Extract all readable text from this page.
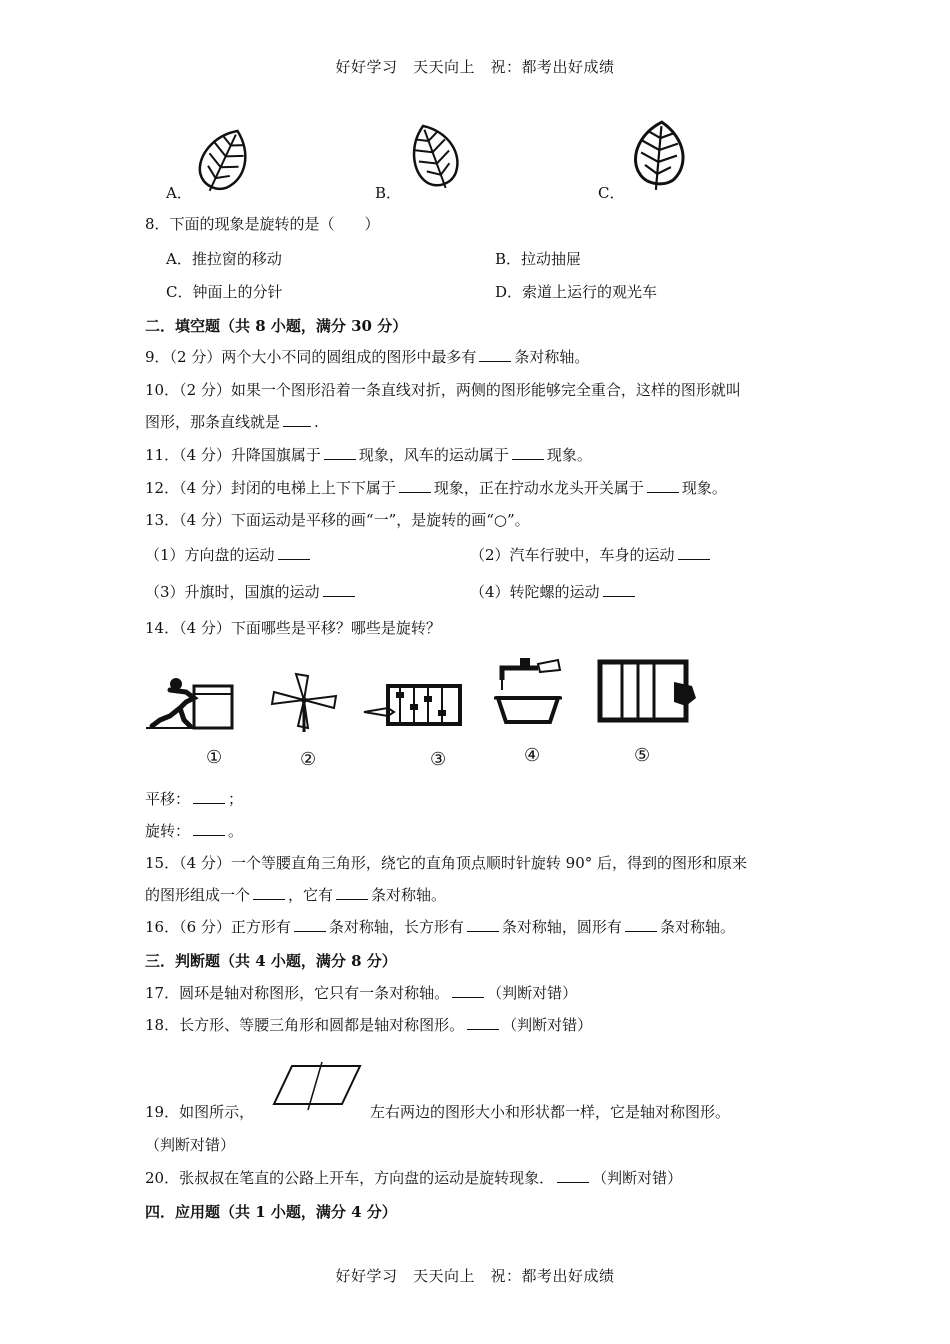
好好学习　天天向上　祝：都考出好成绩
A．	B．	C．
8．下面的现象是旋转的是（　　）
A．推拉窗的移动	B．拉动抽屉
C．钟面上的分针	D．索道上运行的观光车
二．填空题（共 8 小题，满分 30 分）
9．（2 分）两个大小不同的圆组成的图形中最多有	条对称轴。
10．（2 分）如果一个图形沿着一条直线对折，两侧的图形能够完全重合，这样的图形就叫
图形，那条直线就是 .
11．（4 分）升降国旗属于	现象，风车的运动属于	现象。
12．（4 分）封闭的电梯上上下下属于	现象，正在拧动水龙头开关属于	现象。
13．（4 分）下面运动是平移的画“一”，是旋转的画“○”。
（1）方向盘的运动	（2）汽车行驶中，车身的运动
（3）升旗时，国旗的运动	（4）转陀螺的运动
14．（4 分）下面哪些是平移？哪些是旋转？
①	②	③	④	⑤
平移：	；
旋转：	。
15．（4 分）一个等腰直角三角形，绕它的直角顶点顺时针旋转 90° 后，得到的图形和原来
的图形组成一个	，它有	条对称轴。
16．（6 分）正方形有	条对称轴，长方形有	条对称轴，圆形有	条对称轴。
三．判断题（共 4 小题，满分 8 分）
17．圆环是轴对称图形，它只有一条对称轴。	（判断对错）
18．长方形、等腰三角形和圆都是轴对称图形。	（判断对错）
19．如图所示，	左右两边的图形大小和形状都一样，它是轴对称图形。
（判断对错）
20．张叔叔在笔直的公路上开车，方向盘的运动是旋转现象．	（判断对错）
四．应用题（共 1 小题，满分 4 分）
好好学习　天天向上　祝：都考出好成绩
